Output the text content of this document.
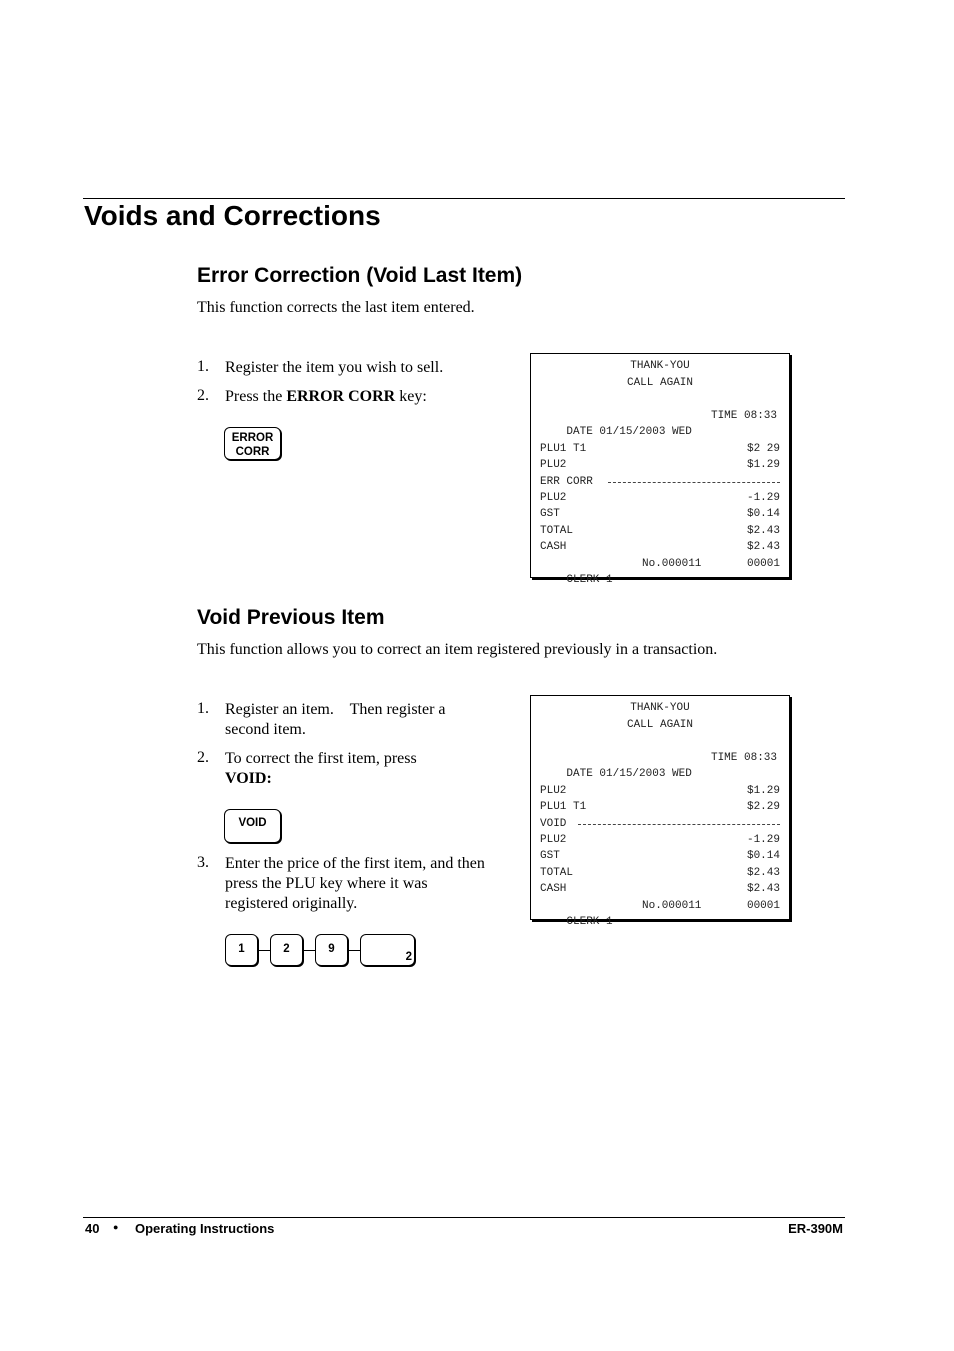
Voids and Corrections
Error Correction (Void Last Item)
This function corrects the last item entered.
1. Register the item you wish to sell.
2. Press the ERROR CORR key:
ERROR
CORR
THANK-YOU
CALL AGAIN

DATE 01/15/2003 WED

TIME 08:33

PLU1 T1	$2 29
PLU2	$1.29
ERR CORR
PLU2	-1.29
GST	$0.14
TOTAL	$2.43
CASH	$2.43

CLERK 1

No.000011

	00001

Void Previous Item
This function allows you to correct an item registered previously in a transaction.
1. Register an item.    Then register a
second item.
2. To correct the first item, press
VOID:
VOID
3. Enter the price of the first item, and then
press the PLU key where it was
registered originally.
1	2	9
2
THANK-YOU
CALL AGAIN

DATE 01/15/2003 WED

TIME 08:33

PLU2	$1.29
PLU1 T1	$2.29
VOID
PLU2	-1.29
GST	$0.14
TOTAL	$2.43
CASH	$2.43

CLERK 1

No.000011

	00001

40 ● Operating Instructions	ER-390M
